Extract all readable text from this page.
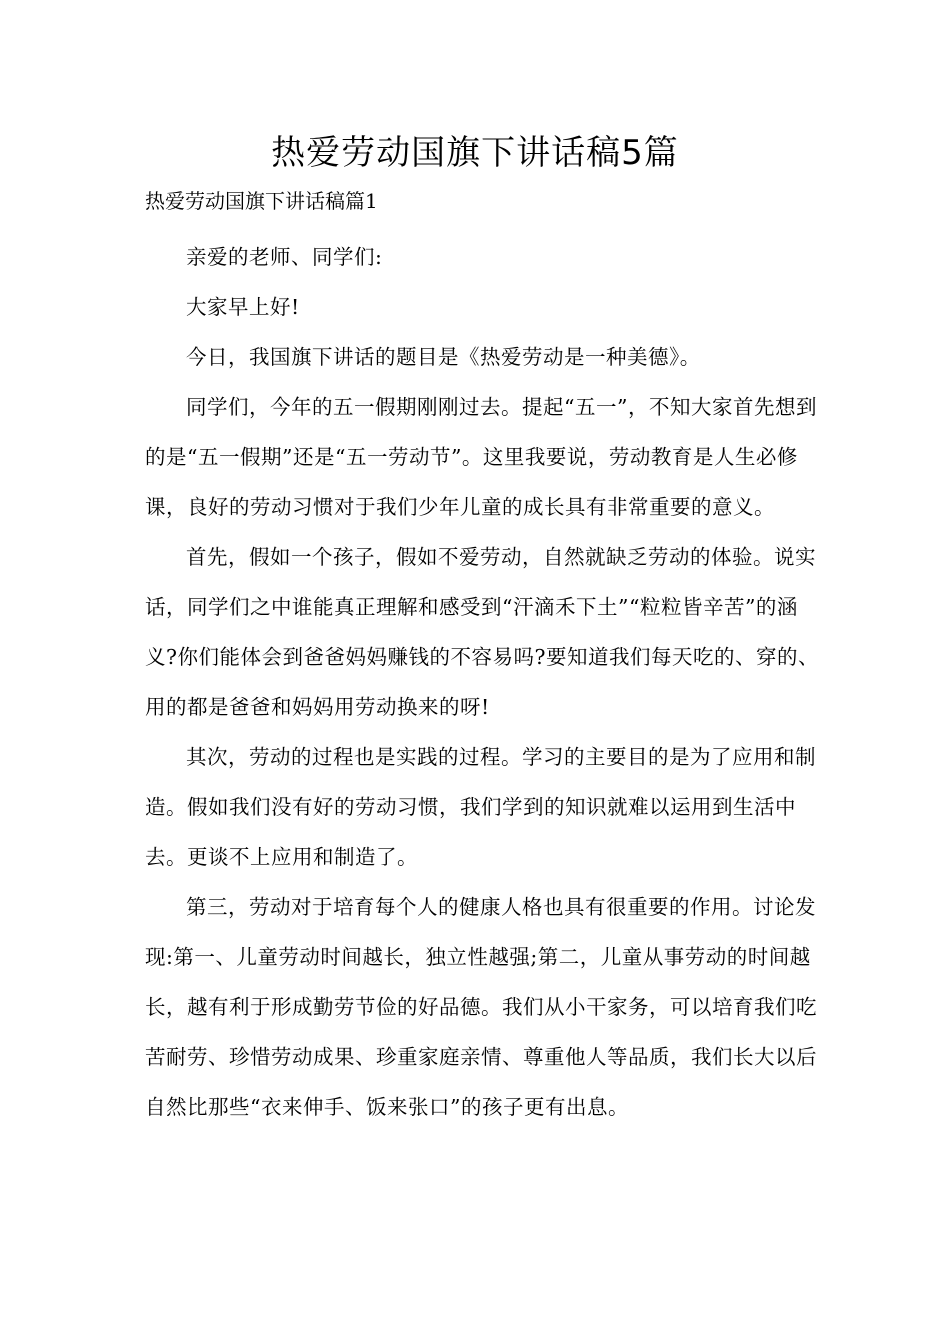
热爱劳动国旗下讲话稿5篇
热爱劳动国旗下讲话稿篇1

亲爱的老师、同学们:

大家早上好!

今日，我国旗下讲话的题目是《热爱劳动是一种美德》。

同学们，今年的五一假期刚刚过去。提起“五一”，不知大家首先想到的是“五一假期”还是“五一劳动节”。这里我要说，劳动教育是人生必修课，良好的劳动习惯对于我们少年儿童的成长具有非常重要的意义。

首先，假如一个孩子，假如不爱劳动，自然就缺乏劳动的体验。说实话，同学们之中谁能真正理解和感受到“汗滴禾下土”“粒粒皆辛苦”的涵义?你们能体会到爸爸妈妈赚钱的不容易吗?要知道我们每天吃的、穿的、用的都是爸爸和妈妈用劳动换来的呀!

其次，劳动的过程也是实践的过程。学习的主要目的是为了应用和制造。假如我们没有好的劳动习惯，我们学到的知识就难以运用到生活中去。更谈不上应用和制造了。

第三，劳动对于培育每个人的健康人格也具有很重要的作用。讨论发现:第一、儿童劳动时间越长，独立性越强;第二，儿童从事劳动的时间越长，越有利于形成勤劳节俭的好品德。我们从小干家务，可以培育我们吃苦耐劳、珍惜劳动成果、珍重家庭亲情、尊重他人等品质，我们长大以后自然比那些“衣来伸手、饭来张口”的孩子更有出息。
